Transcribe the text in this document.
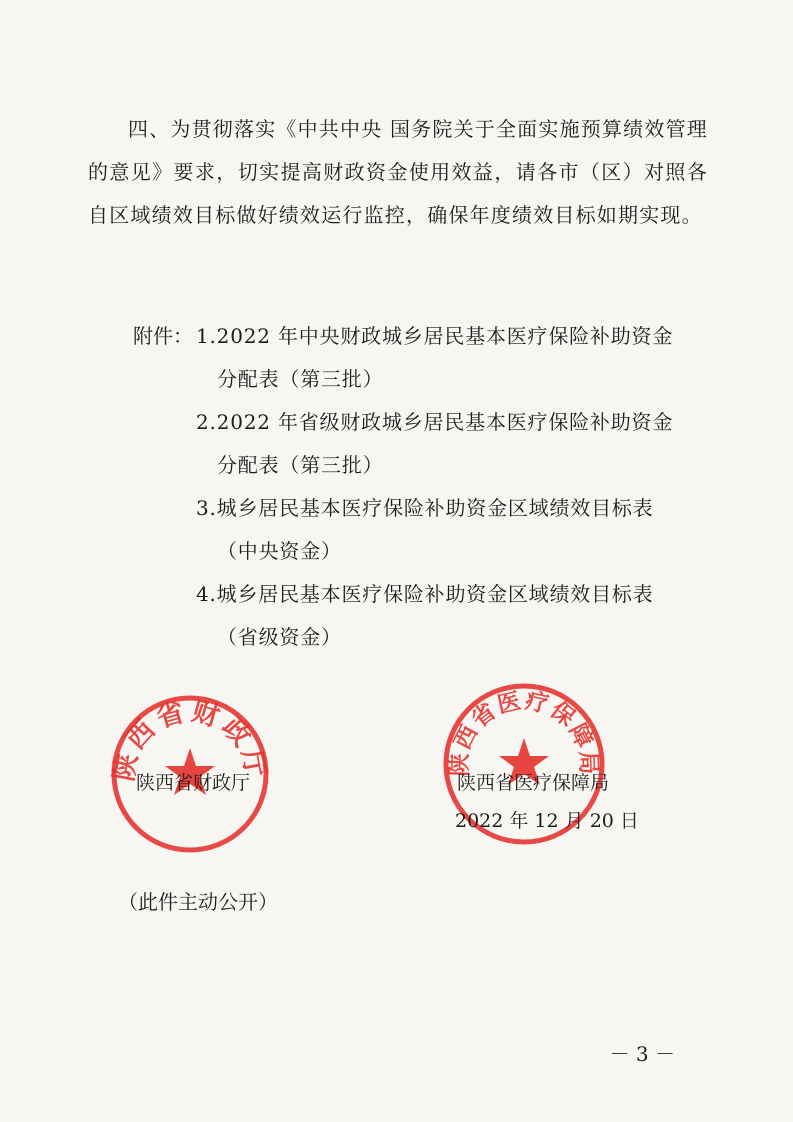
四、为贯彻落实《中共中央 国务院关于全面实施预算绩效管理的意见》要求，切实提高财政资金使用效益，请各市（区）对照各自区域绩效目标做好绩效运行监控，确保年度绩效目标如期实现。
附件： 1.2022 年中央财政城乡居民基本医疗保险补助资金
分配表（第三批）
2.2022 年省级财政城乡居民基本医疗保险补助资金
分配表（第三批）
3.城乡居民基本医疗保险补助资金区域绩效目标表
（中央资金）
4.城乡居民基本医疗保险补助资金区域绩效目标表
（省级资金）
陕西省财政厅	陕西省医疗保障局
陕西省财政厅	陕西省医疗保障局
2022 年 12 月 20 日
（此件主动公开）
－ 3 －
